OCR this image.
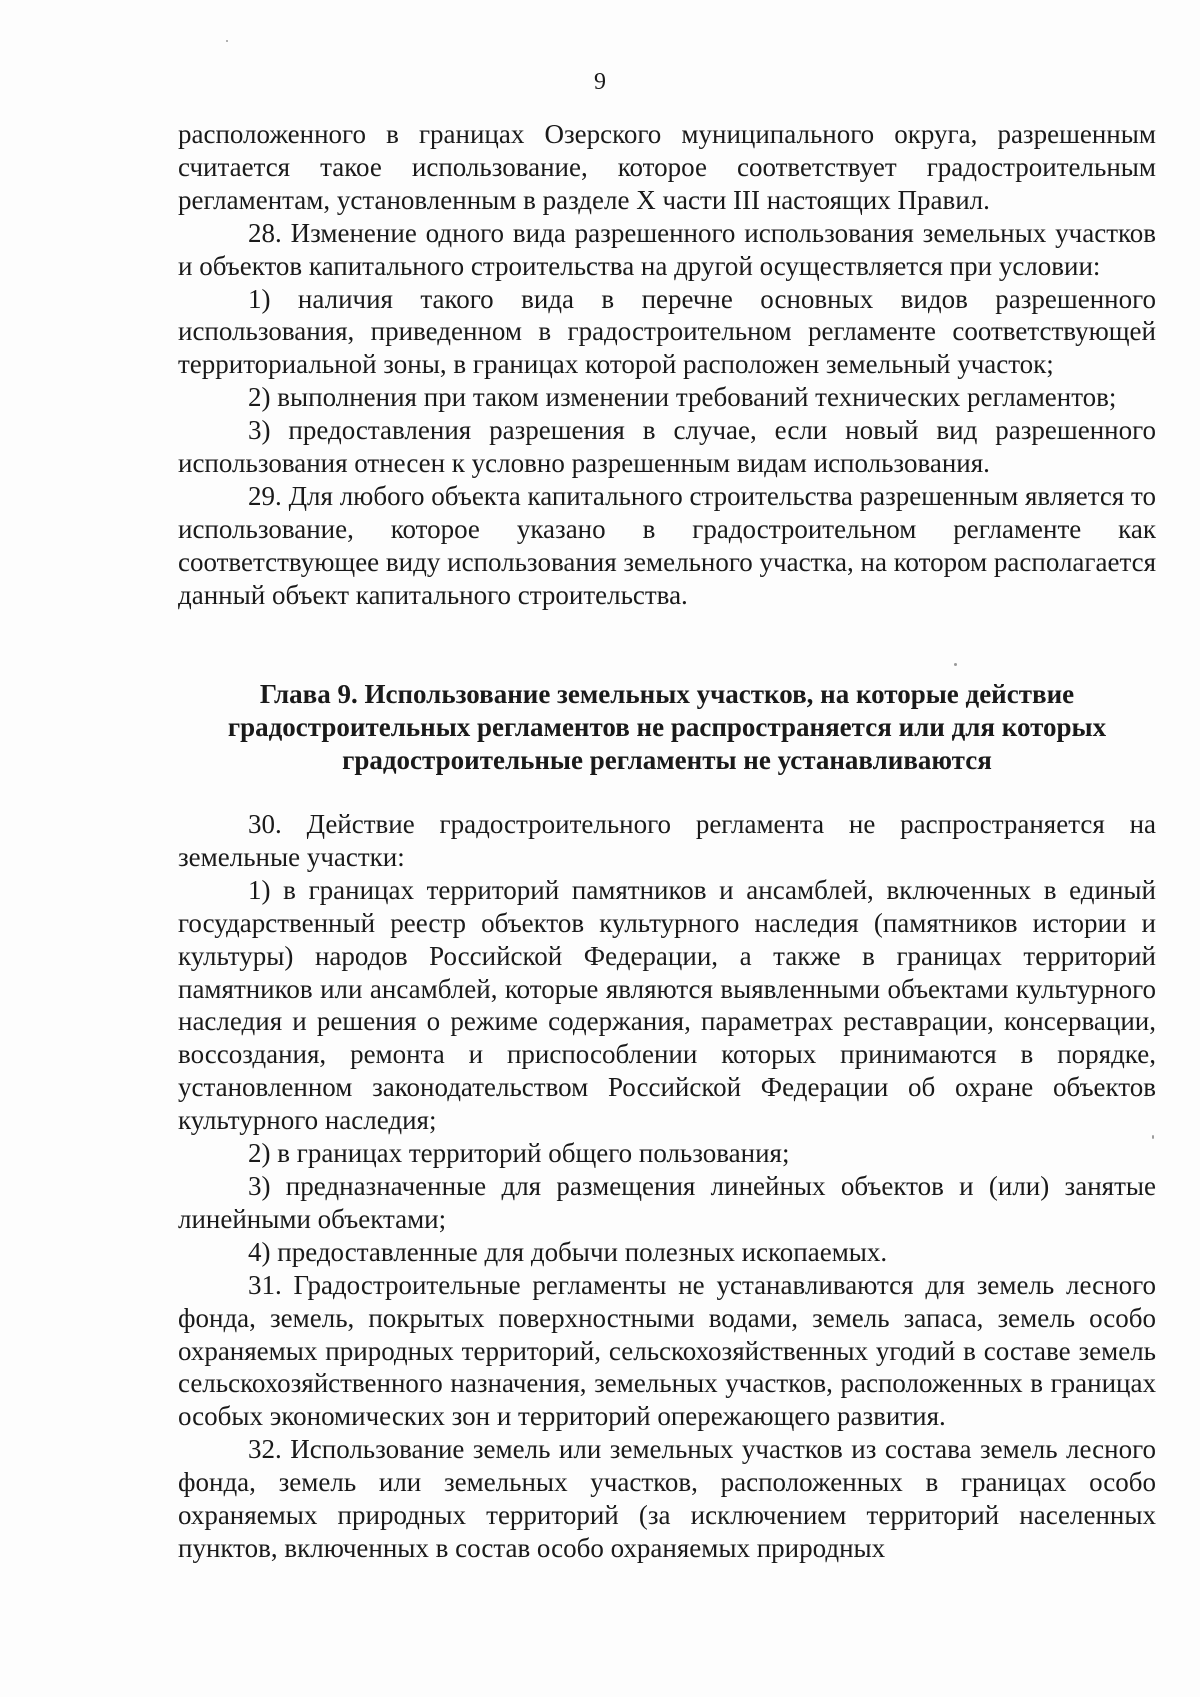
9

расположенного в границах Озерского муниципального округа, разрешенным считается такое использование, которое соответствует градостроительным регламентам, установленным в разделе X части III настоящих Правил.

28. Изменение одного вида разрешенного использования земельных участков и объектов капитального строительства на другой осуществляется при условии:

1) наличия такого вида в перечне основных видов разрешенного использования, приведенном в градостроительном регламенте соответствующей территориальной зоны, в границах которой расположен земельный участок;

2) выполнения при таком изменении требований технических регламентов;

3) предоставления разрешения в случае, если новый вид разрешенного использования отнесен к условно разрешенным видам использования.

29. Для любого объекта капитального строительства разрешенным является то использование, которое указано в градостроительном регламенте как соответствующее виду использования земельного участка, на котором располагается данный объект капитального строительства.

Глава 9. Использование земельных участков, на которые действие
градостроительных регламентов не распространяется или для которых
градостроительные регламенты не устанавливаются

30. Действие градостроительного регламента не распространяется на земельные участки:

1) в границах территорий памятников и ансамблей, включенных в единый государственный реестр объектов культурного наследия (памятников истории и культуры) народов Российской Федерации, а также в границах территорий памятников или ансамблей, которые являются выявленными объектами культурного наследия и решения о режиме содержания, параметрах реставрации, консервации, воссоздания, ремонта и приспособлении которых принимаются в порядке, установленном законодательством Российской Федерации об охране объектов культурного наследия;

2) в границах территорий общего пользования;

3) предназначенные для размещения линейных объектов и (или) занятые линейными объектами;

4) предоставленные для добычи полезных ископаемых.

31. Градостроительные регламенты не устанавливаются для земель лесного фонда, земель, покрытых поверхностными водами, земель запаса, земель особо охраняемых природных территорий, сельскохозяйственных угодий в составе земель сельскохозяйственного назначения, земельных участков, расположенных в границах особых экономических зон и территорий опережающего развития.

32. Использование земель или земельных участков из состава земель лесного фонда, земель или земельных участков, расположенных в границах особо охраняемых природных территорий (за исключением территорий населенных пунктов, включенных в состав особо охраняемых природных
